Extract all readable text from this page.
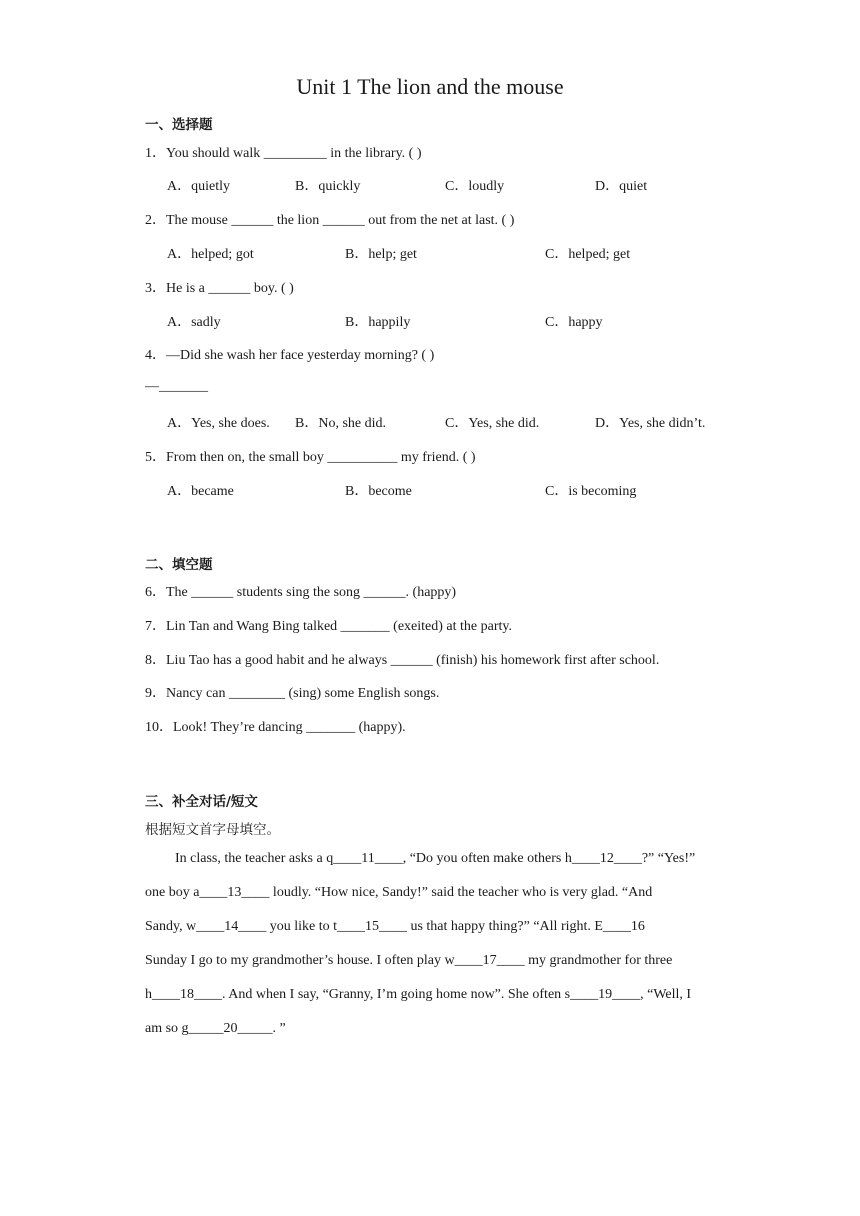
Unit 1 The lion and the mouse
一、选择题
1．You should walk _________ in the library. ( )
A．quietly	B．quickly	C．loudly	D．quiet
2．The mouse ______ the lion ______ out from the net at last. ( )
A．helped; got	B．help; get	C．helped; get
3．He is a ______ boy. ( )
A．sadly	B．happily	C．happy
4．—Did she wash her face yesterday morning? ( )
—_______
A．Yes, she does. B．No, she did.	C．Yes, she did.	D．Yes, she didn’t.
5．From then on, the small boy __________ my friend. ( )
A．became	B．become	C．is becoming
二、填空题
6．The ______ students sing the song ______. (happy)
7．Lin Tan and Wang Bing talked _______ (exeited) at the party.
8．Liu Tao has a good habit and he always ______ (finish) his homework first after school.
9．Nancy can ________ (sing) some English songs.
10．Look! They’re dancing _______ (happy).
三、补全对话/短文
根据短文首字母填空。
In class, the teacher asks a q____11____, “Do you often make others h____12____?” “Yes!”
one boy a____13____ loudly. “How nice, Sandy!” said the teacher who is very glad. “And
Sandy, w____14____ you like to t____15____ us that happy thing?” “All right. E____16
Sunday I go to my grandmother’s house. I often play w____17____ my grandmother for three
h____18____. And when I say, “Granny, I’m going home now”. She often s____19____, “Well, I
am so g_____20_____. ”
